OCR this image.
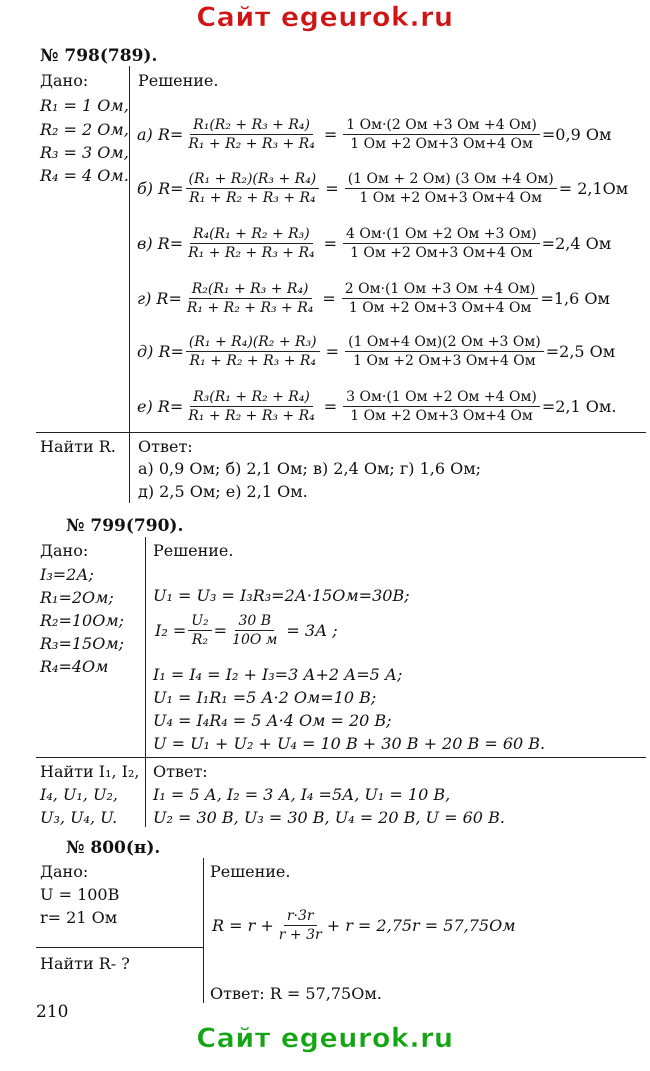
Сайт egeurok.ru
№ 798(789).
Дано:
R₁ = 1 Ом,
R₂ = 2 Ом,
R₃ = 3 Ом,
R₄ = 4 Ом.
Решение.
а) $R= \frac{\text{R₁(R₂ + R₃ + R₄)}}{\text{R₁ + R₂ + R₃ + R₄}} = \frac{1 Ом\cdot(2 Ом +3 Ом +4 Ом)}{1 Ом +2 Ом+3 Ом+4 Ом} =0,9$ Ом
б) $R= \frac{\text{(R₁ + R₂)(R₃ + R₄)}}{\text{R₁ + R₂ + R₃ + R₄}} = \frac{(1 Ом + 2 Ом) (3 Ом +4 Ом)}{1 Ом +2 Ом+3 Ом+4 Ом} = 2,1Ом$
в) $R= \frac{\text{R₄(R₁ + R₂ + R₃)}}{\text{R₁ + R₂ + R₃ + R₄}} = \frac{4 Ом\cdot(1 Ом +2 Ом +3 Ом)}{1 Ом +2 Ом+3 Ом+4 Ом} =2,4$ Ом
г) $R= \frac{\text{R₂(R₁ + R₃ + R₄)}}{\text{R₁ + R₂ + R₃ + R₄}} = \frac{2 Ом\cdot(1 Ом +3 Ом +4 Ом)}{1 Ом +2 Ом+3 Ом+4 Ом} =1,6$ Ом
д) $R= \frac{\text{(R₁ + R₄)(R₂ + R₃)}}{\text{R₁ + R₂ + R₃ + R₄}} = \frac{(1 Ом+4 Ом)(2 Ом +3 Ом)}{1 Ом +2 Ом+3 Ом+4 Ом} =2,5$ Ом
е) $R= \frac{\text{R₃(R₁ + R₂ + R₄)}}{\text{R₁ + R₂ + R₃ + R₄}} = \frac{3 Ом\cdot(1 Ом +2 Ом +4 Ом)}{1 Ом +2 Ом+3 Ом+4 Ом} =2,1$ Ом.
Найти R. Ответ:
а) 0,9 Ом; б) 2,1 Ом; в) 2,4 Ом; г) 1,6 Ом;
д) 2,5 Ом; е) 2,1 Ом.
№ 799(790).
Дано:
I₃=2А;
R₁=2Ом;
R₂=10Ом;
R₃=15Ом;
R₄=4Ом
Решение.
U₁ = U₃ = I₃R₃=2А·15Ом=30В;
$I_2 = \frac{\text{U₂}}{\text{R₂}} = \frac{30 В}{\text{10О м}} = 3А$ ;
I₁ = I₄ = I₂ + I₃=3 А+2 А=5 А;
U₁ = I₁R₁ =5 А·2 Ом=10 В;
U₄ = I₄R₄ = 5 А·4 Ом = 20 В;
U = U₁ + U₂ + U₄ = 10 В + 30 В + 20 В = 60 В.
Найти I₁, I₂,
I₄, U₁, U₂,
U₃, U₄, U.
Ответ:
I₁ = 5 А, I₂ = 3 А, I₄ =5А, U₁ = 10 В,
U₂ = 30 В, U₃ = 30 В, U₄ = 20 В, U = 60 В.
№ 800(н).
Дано:
U = 100В
r= 21 Ом
Найти R- ?
Решение.
$R = r + \frac{r\cdot 3r}{r + 3r} + r = 2,75r = 57,75Ом$
Ответ: R = 57,75Ом.
210
Сайт egeurok.ru
